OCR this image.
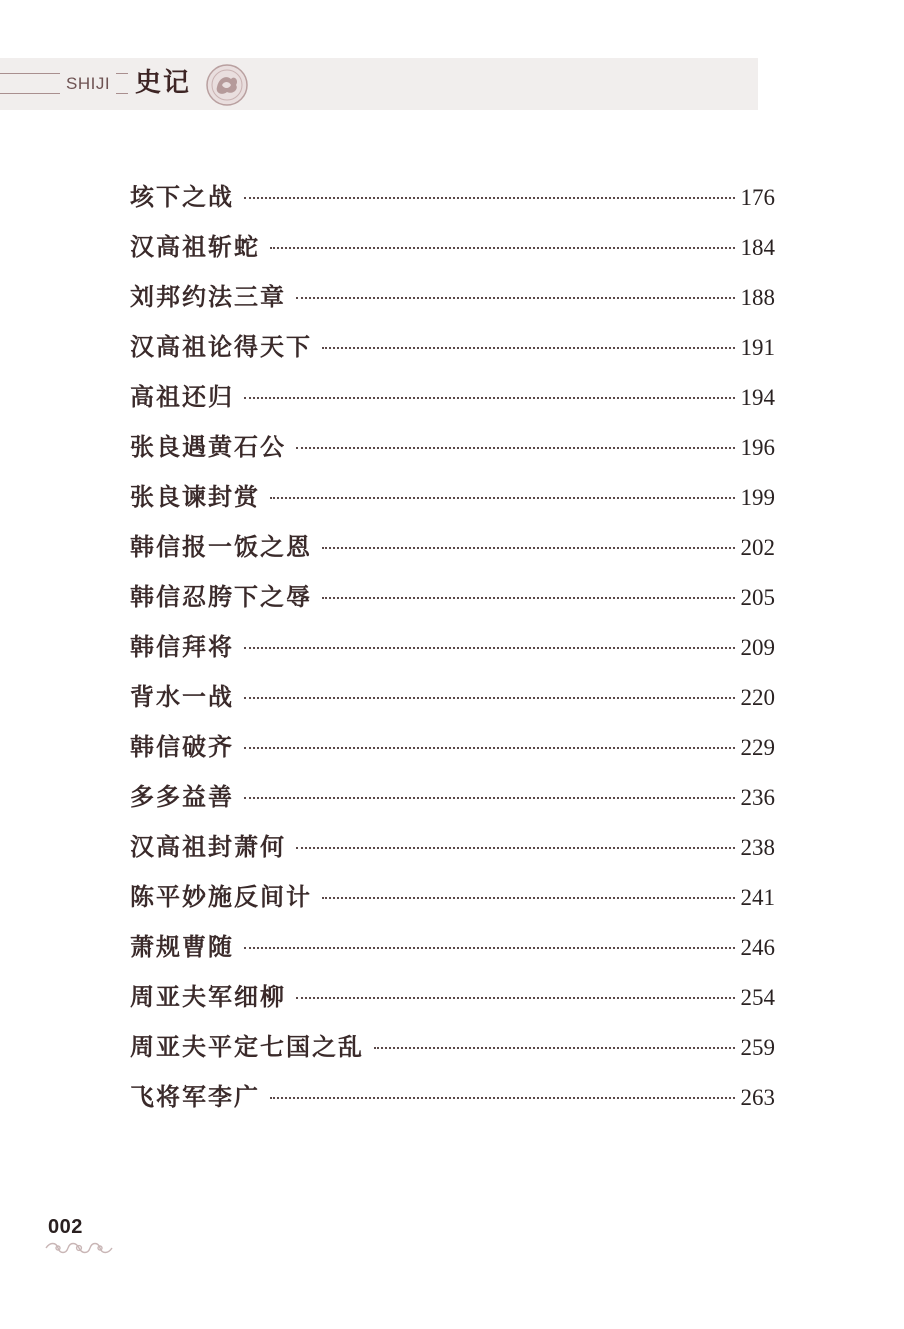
SHIJI 史记
垓下之战	176
汉高祖斩蛇	184
刘邦约法三章	188
汉高祖论得天下	191
高祖还归	194
张良遇黄石公	196
张良谏封赏	199
韩信报一饭之恩	202
韩信忍胯下之辱	205
韩信拜将	209
背水一战	220
韩信破齐	229
多多益善	236
汉高祖封萧何	238
陈平妙施反间计	241
萧规曹随	246
周亚夫军细柳	254
周亚夫平定七国之乱	259
飞将军李广	263
002
